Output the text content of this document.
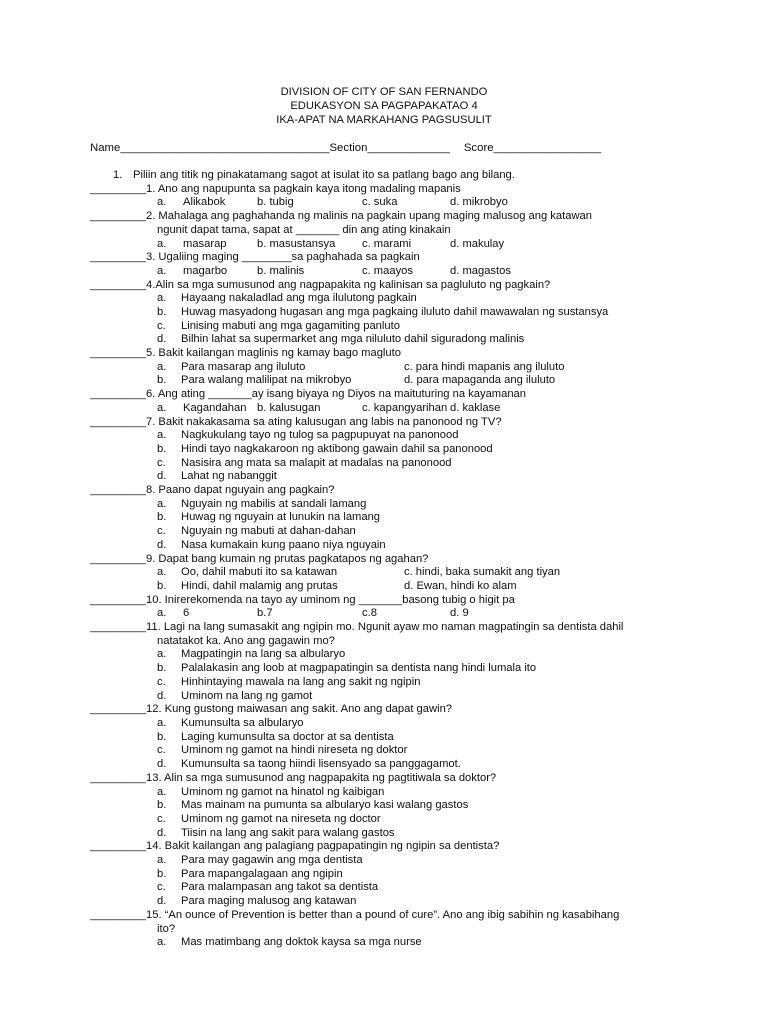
DIVISION OF CITY OF SAN FERNANDO
EDUKASYON SA PAGPAPAKATAO 4
IKA-APAT NA MARKAHANG PAGSUSULIT
Name_________________________________Section_____________ Score_________________
1. Piliin ang titik ng pinakatamang sagot at isulat ito sa patlang bago ang bilang.
_________1. Ano ang napupunta sa pagkain kaya itong madaling mapanis
a. Alikabok	b. tubig	c. suka	d. mikrobyo
_________2. Mahalaga ang paghahanda ng malinis na pagkain upang maging malusog ang katawan
ngunit dapat tama, sapat at _______ din ang ating kinakain
a. masarap	b. masustansya c. marami	d. makulay
_________3. Ugaliing maging ________sa paghahada sa pagkain
a. magarbo	b. malinis	c. maayos	d. magastos
_________4.Alin sa mga sumusunod ang nagpapakita ng kalinisan sa pagluluto ng pagkain?
a. Hayaang nakaladlad ang mga ilulutong pagkain
b. Huwag masyadong hugasan ang mga pagkaing iluluto dahil mawawalan ng sustansya
c. Linising mabuti ang mga gagamiting panluto
d. Bilhin lahat sa supermarket ang mga niluluto dahil siguradong malinis
_________5. Bakit kailangan maglinis ng kamay bago magluto
a. Para masarap ang iluluto	c. para hindi mapanis ang iluluto
b. Para walang malilipat na mikrobyo	d. para mapaganda ang iluluto
_________6. Ang ating _______ay isang biyaya ng Diyos na maituturing na kayamanan
a. Kagandahan b. kalusugan	c. kapangyarihan d. kaklase
_________7. Bakit nakakasama sa ating kalusugan ang labis na panonood ng TV?
a. Nagkukulang tayo ng tulog sa pagpupuyat na panonood
b. Hindi tayo nagkakaroon ng aktibong gawain dahil sa panonood
c. Nasisira ang mata sa malapit at madalas na panonood
d. Lahat ng nabanggit
_________8. Paano dapat nguyain ang pagkain?
a. Nguyain ng mabilis at sandali lamang
b. Huwag ng nguyain at lunukin na lamang
c. Nguyain ng mabuti at dahan-dahan
d. Nasa kumakain kung paano niya nguyain
_________9. Dapat bang kumain ng prutas pagkatapos ng agahan?
a. Oo, dahil mabuti ito sa katawan	c. hindi, baka sumakit ang tiyan
b. Hindi, dahil malamig ang prutas	d. Ewan, hindi ko alam
_________10. Inirerekomenda na tayo ay uminom ng _______basong tubig o higit pa
a. 6	b.7	c.8	d. 9
_________11. Lagi na lang sumasakit ang ngipin mo. Ngunit ayaw mo naman magpatingin sa dentista dahil
natatakot ka. Ano ang gagawin mo?
a. Magpatingin na lang sa albularyo
b. Palalakasin ang loob at magpapatingin sa dentista nang hindi lumala ito
c. Hinhintaying mawala na lang ang sakit ng ngipin
d. Uminom na lang ng gamot
_________12. Kung gustong maiwasan ang sakit. Ano ang dapat gawin?
a. Kumunsulta sa albularyo
b. Laging kumunsulta sa doctor at sa dentista
c. Uminom ng gamot na hindi nireseta ng doktor
d. Kumunsulta sa taong hiindi lisensyado sa panggagamot.
_________13. Alin sa mga sumusunod ang nagpapakita ng pagtitiwala sa doktor?
a. Uminom ng gamot na hinatol ng kaibigan
b. Mas mainam na pumunta sa albularyo kasi walang gastos
c. Uminom ng gamot na nireseta ng doctor
d. Tiisin na lang ang sakit para walang gastos
_________14. Bakit kailangan ang palagiang pagpapatingin ng ngipin sa dentista?
a. Para may gagawin ang mga dentista
b. Para mapangalagaan ang ngipin
c. Para malampasan ang takot sa dentista
d. Para maging malusog ang katawan
_________15. “An ounce of Prevention is better than a pound of cure”. Ano ang ibig sabihin ng kasabihang
ito?
a. Mas matimbang ang doktok kaysa sa mga nurse
